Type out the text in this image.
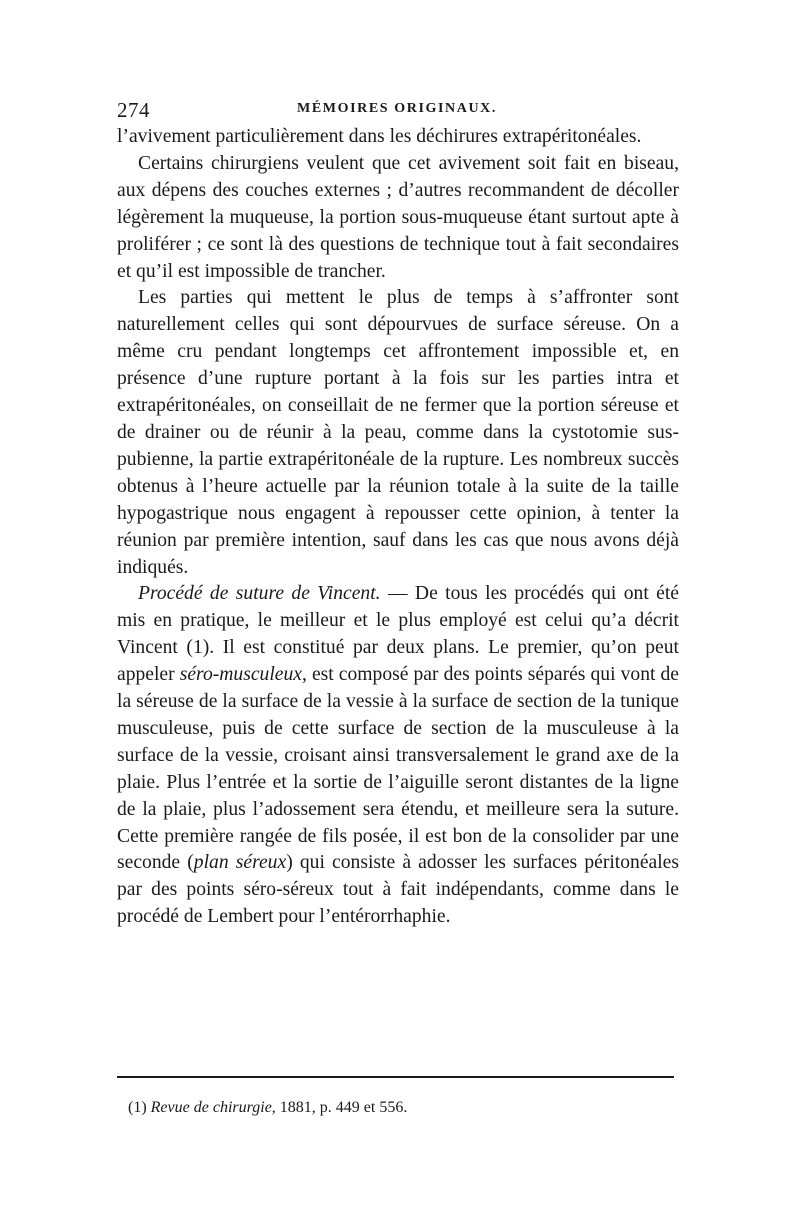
274	MÉMOIRES ORIGINAUX.

l’avivement particulièrement dans les déchirures extrapéritonéales.

Certains chirurgiens veulent que cet avivement soit fait en biseau, aux dépens des couches externes ; d’autres recommandent de décoller légèrement la muqueuse, la portion sous-muqueuse étant surtout apte à proliférer ; ce sont là des questions de technique tout à fait secondaires et qu’il est impossible de trancher.

Les parties qui mettent le plus de temps à s’affronter sont naturellement celles qui sont dépourvues de surface séreuse. On a même cru pendant longtemps cet affrontement impossible et, en présence d’une rupture portant à la fois sur les parties intra et extrapéritonéales, on conseillait de ne fermer que la portion séreuse et de drainer ou de réunir à la peau, comme dans la cystotomie sus-pubienne, la partie extrapéritonéale de la rupture. Les nombreux succès obtenus à l’heure actuelle par la réunion totale à la suite de la taille hypogastrique nous engagent à repousser cette opinion, à tenter la réunion par première intention, sauf dans les cas que nous avons déjà indiqués.

Procédé de suture de Vincent. — De tous les procédés qui ont été mis en pratique, le meilleur et le plus employé est celui qu’a décrit Vincent (1). Il est constitué par deux plans. Le premier, qu’on peut appeler séro-musculeux, est composé par des points séparés qui vont de la séreuse de la surface de la vessie à la surface de section de la tunique musculeuse, puis de cette surface de section de la musculeuse à la surface de la vessie, croisant ainsi transversalement le grand axe de la plaie. Plus l’entrée et la sortie de l’aiguille seront distantes de la ligne de la plaie, plus l’adossement sera étendu, et meilleure sera la suture. Cette première rangée de fils posée, il est bon de la consolider par une seconde (plan séreux) qui consiste à adosser les surfaces péritonéales par des points séro-séreux tout à fait indépendants, comme dans le procédé de Lembert pour l’entérorrhaphie.

(1) Revue de chirurgie, 1881, p. 449 et 556.
